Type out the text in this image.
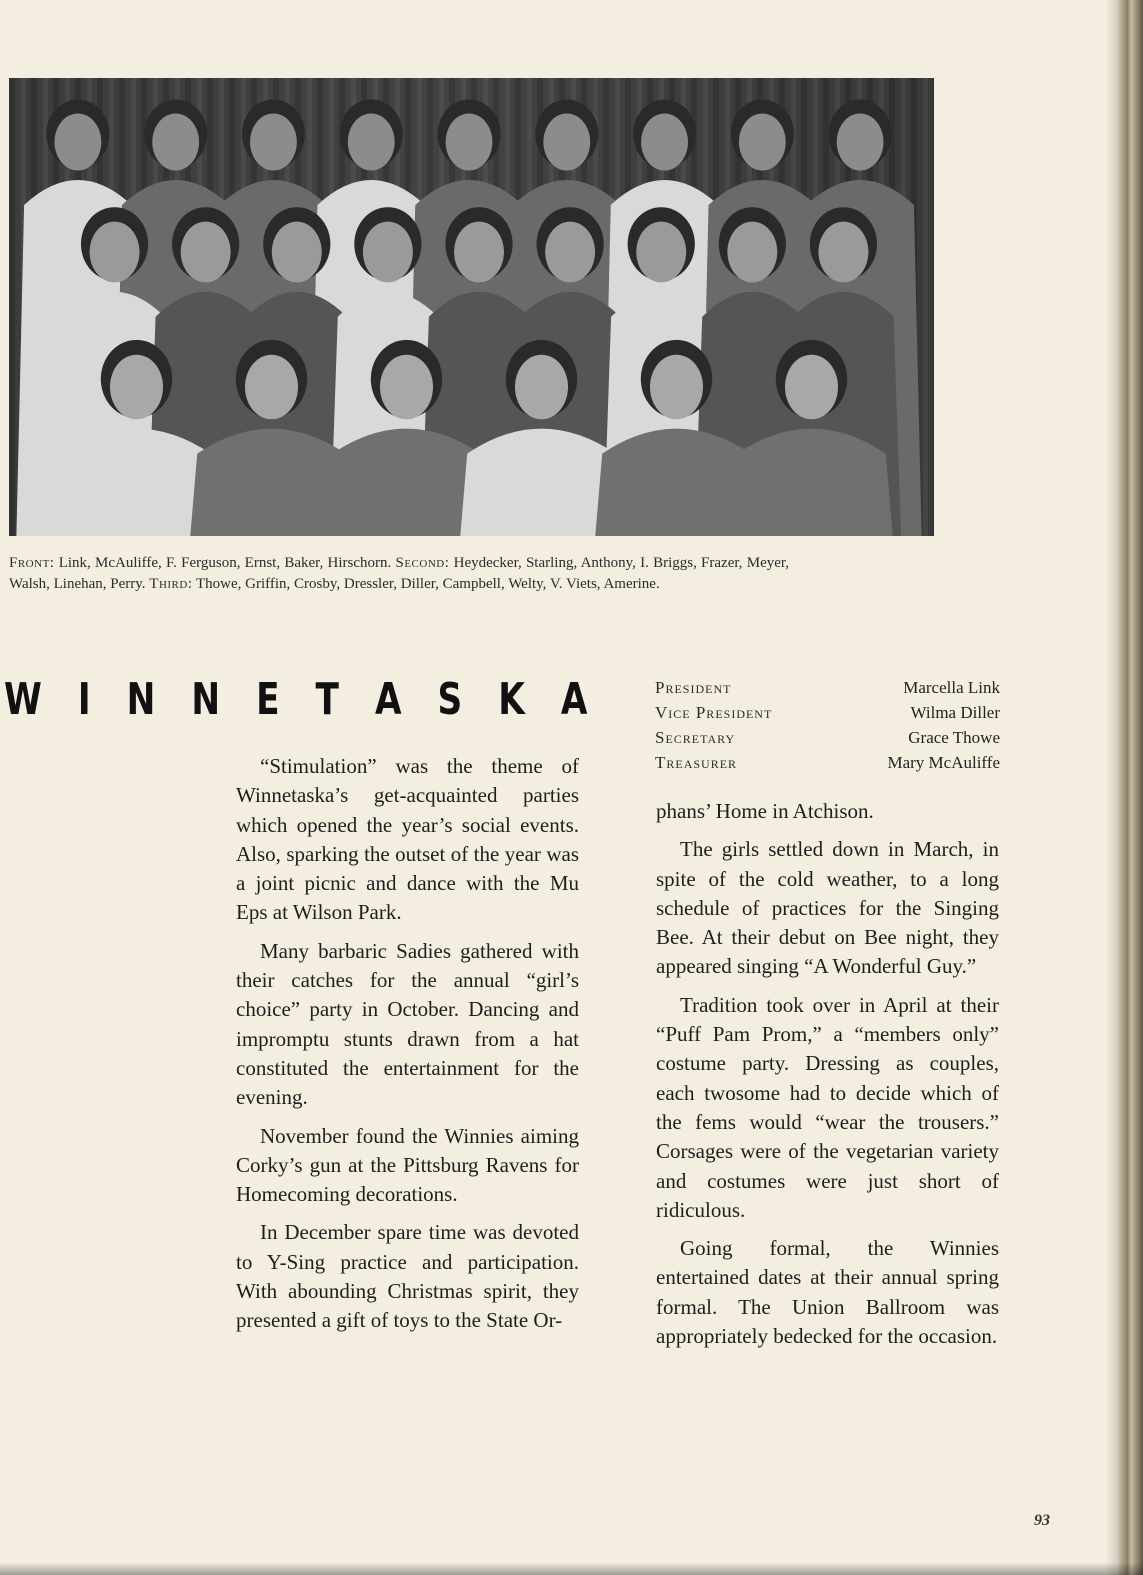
Front: Link, McAuliffe, F. Ferguson, Ernst, Baker, Hirschorn. Second: Heydecker, Starling, Anthony, I. Briggs, Frazer, Meyer, Walsh, Linehan, Perry. Third: Thowe, Griffin, Crosby, Dressler, Diller, Campbell, Welty, V. Viets, Amerine.
W I N N E T A S K A	President	Marcella Link
Vice President	Wilma Diller
Secretary	Grace Thowe
Treasurer	Mary McAuliffe

“Stimulation” was the theme of Winnetaska’s get-acquainted parties which opened the year’s social events. Also, sparking the outset of the year was a joint picnic and dance with the Mu Eps at Wilson Park.

Many barbaric Sadies gathered with their catches for the annual “girl’s choice” party in October. Dancing and impromptu stunts drawn from a hat constituted the entertainment for the evening.

November found the Winnies aiming Corky’s gun at the Pittsburg Ravens for Homecoming decorations.

In December spare time was devoted to Y-Sing practice and participation. With abounding Christmas spirit, they presented a gift of toys to the State Or-

phans’ Home in Atchison.

The girls settled down in March, in spite of the cold weather, to a long schedule of practices for the Singing Bee. At their debut on Bee night, they appeared singing “A Wonderful Guy.”

Tradition took over in April at their “Puff Pam Prom,” a “members only” costume party. Dressing as couples, each twosome had to decide which of the fems would “wear the trousers.” Corsages were of the vegetarian variety and costumes were just short of ridiculous.

Going formal, the Winnies entertained dates at their annual spring formal. The Union Ballroom was appropriately bedecked for the occasion.

93
